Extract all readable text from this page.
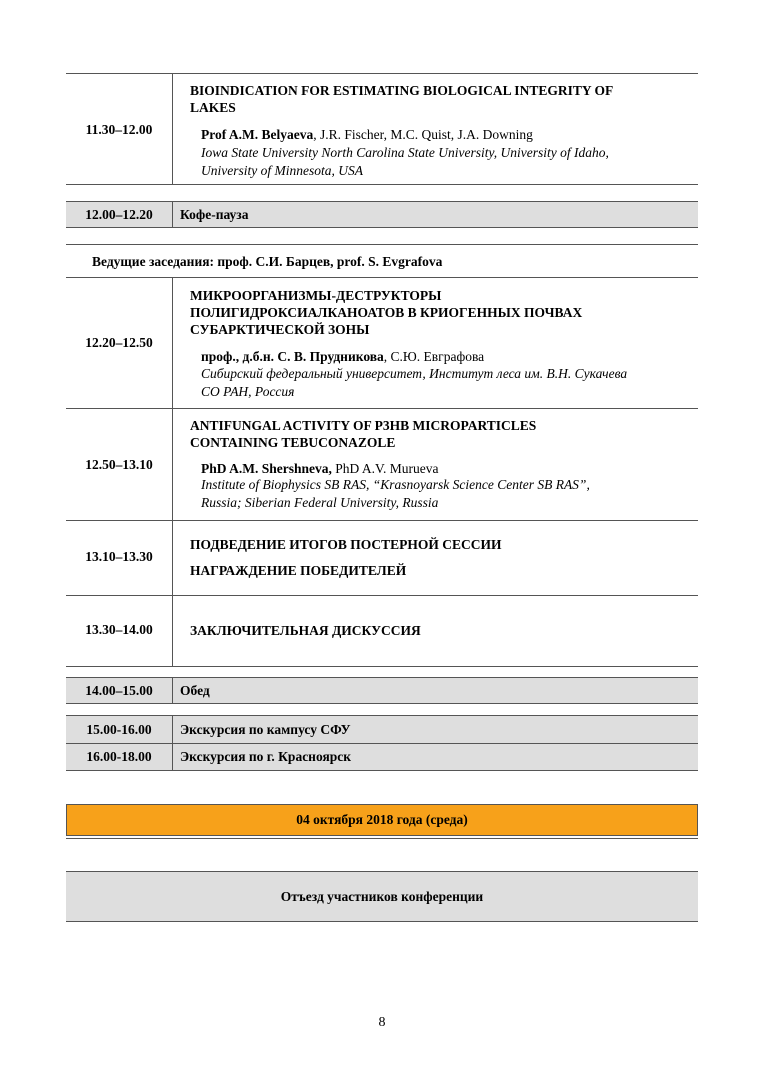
11.30–12.00
BIOINDICATION FOR ESTIMATING BIOLOGICAL INTEGRITY OF
LAKES
Prof A.M. Belyaeva, J.R. Fischer, M.C. Quist, J.A. Downing
Iowa State University North Carolina State University, University of Idaho,
University of Minnesota, USA
12.00–12.20	Кофе-пауза
Ведущие заседания: проф. С.И. Барцев, prof. S. Evgrafova
12.20–12.50
МИКРООРГАНИЗМЫ-ДЕСТРУКТОРЫ
ПОЛИГИДРОКСИАЛКАНОАТОВ В КРИОГЕННЫХ ПОЧВАХ
СУБАРКТИЧЕСКОЙ ЗОНЫ
проф., д.б.н. С. В. Прудникова, С.Ю. Евграфова
Сибирский федеральный университет, Институт леса им. В.Н. Сукачева
СО РАН, Россия
12.50–13.10
ANTIFUNGAL ACTIVITY OF P3HB MICROPARTICLES
CONTAINING TEBUCONAZOLE
PhD A.M. Shershneva, PhD A.V. Murueva
Institute of Biophysics SB RAS, “Krasnoyarsk Science Center SB RAS”,
Russia; Siberian Federal University, Russia
13.10–13.30
ПОДВЕДЕНИЕ ИТОГОВ ПОСТЕРНОЙ СЕССИИ
НАГРАЖДЕНИЕ ПОБЕДИТЕЛЕЙ
13.30–14.00	ЗАКЛЮЧИТЕЛЬНАЯ ДИСКУССИЯ
14.00–15.00	Обед
15.00-16.00	Экскурсия по кампусу СФУ
16.00-18.00	Экскурсия по г. Красноярск
04 октября 2018 года (среда)
Отъезд участников конференции
8
